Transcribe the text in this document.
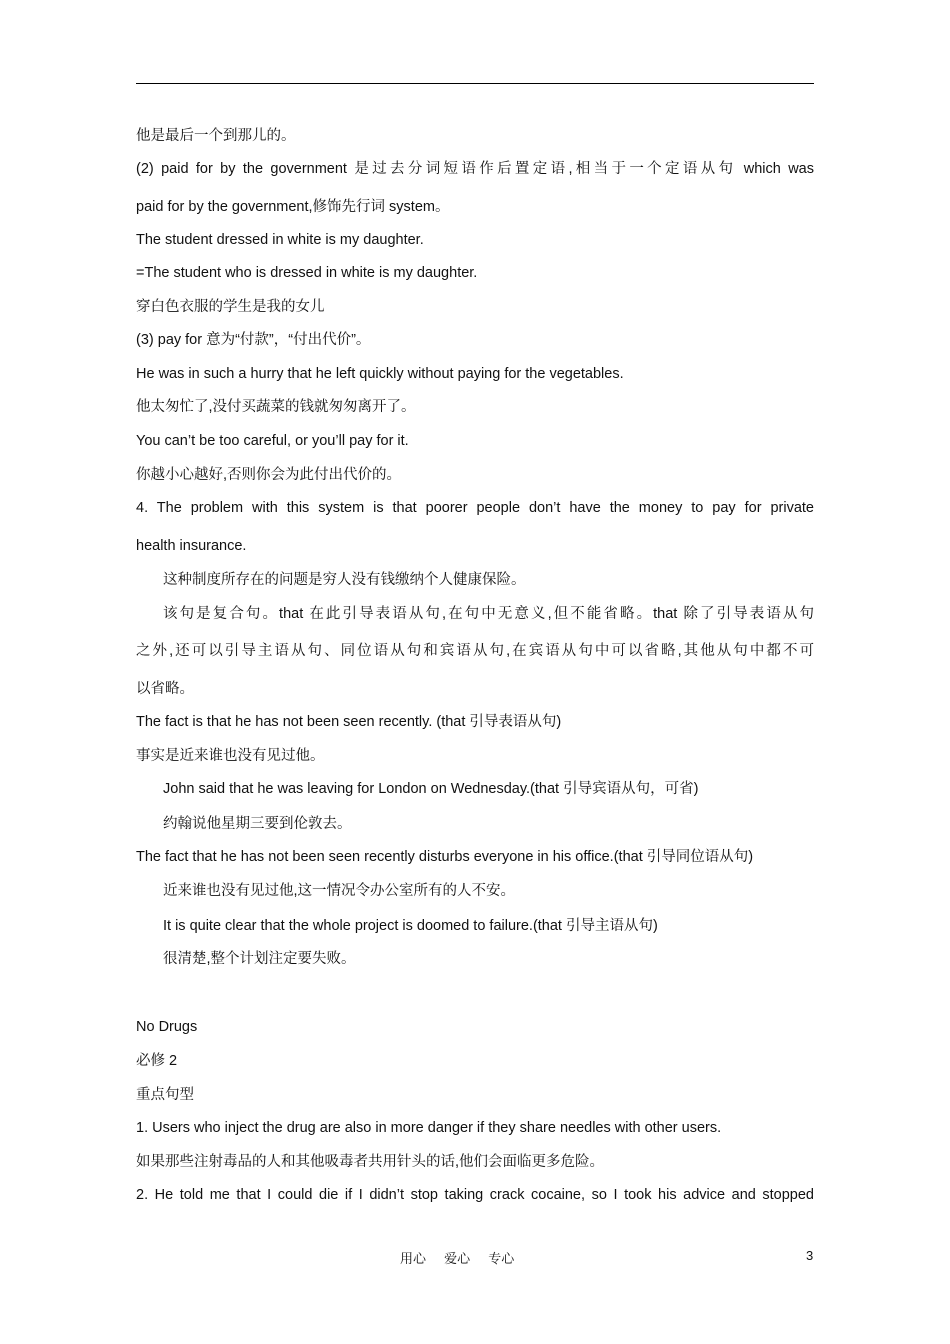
他是最后一个到那儿的。
(2) paid for by the government 是过去分词短语作后置定语,相当于一个定语从句 which was
paid for by the government,修饰先行词 system。
The student dressed in white is my daughter.
=The student who is dressed in white is my daughter.
穿白色衣服的学生是我的女儿
(3) pay for 意为“付款”，“付出代价”。
He was in such a hurry that he left quickly without paying for the vegetables.
他太匆忙了,没付买蔬菜的钱就匆匆离开了。
You can’t be too careful, or you’ll pay for it.
你越小心越好,否则你会为此付出代价的。
4. The problem with this system is that poorer people don’t have the money to pay for private
health insurance.
这种制度所存在的问题是穷人没有钱缴纳个人健康保险。
该句是复合句。that 在此引导表语从句,在句中无意义,但不能省略。that 除了引导表语从句
之外,还可以引导主语从句、同位语从句和宾语从句,在宾语从句中可以省略,其他从句中都不可
以省略。
The fact is that he has not been seen recently. (that 引导表语从句)
事实是近来谁也没有见过他。
John said that he was leaving for London on Wednesday.(that 引导宾语从句，可省)
约翰说他星期三要到伦敦去。
The fact that he has not been seen recently disturbs everyone in his office.(that 引导同位语从句)
近来谁也没有见过他,这一情况令办公室所有的人不安。
It is quite clear that the whole project is doomed to failure.(that 引导主语从句)
很清楚,整个计划注定要失败。
No Drugs
必修 2
重点句型
1. Users who inject the drug are also in more danger if they share needles with other users.
如果那些注射毒品的人和其他吸毒者共用针头的话,他们会面临更多危险。
2. He told me that I could die if I didn’t stop taking crack cocaine, so I took his advice and stopped
用心 爱心 专心	3
